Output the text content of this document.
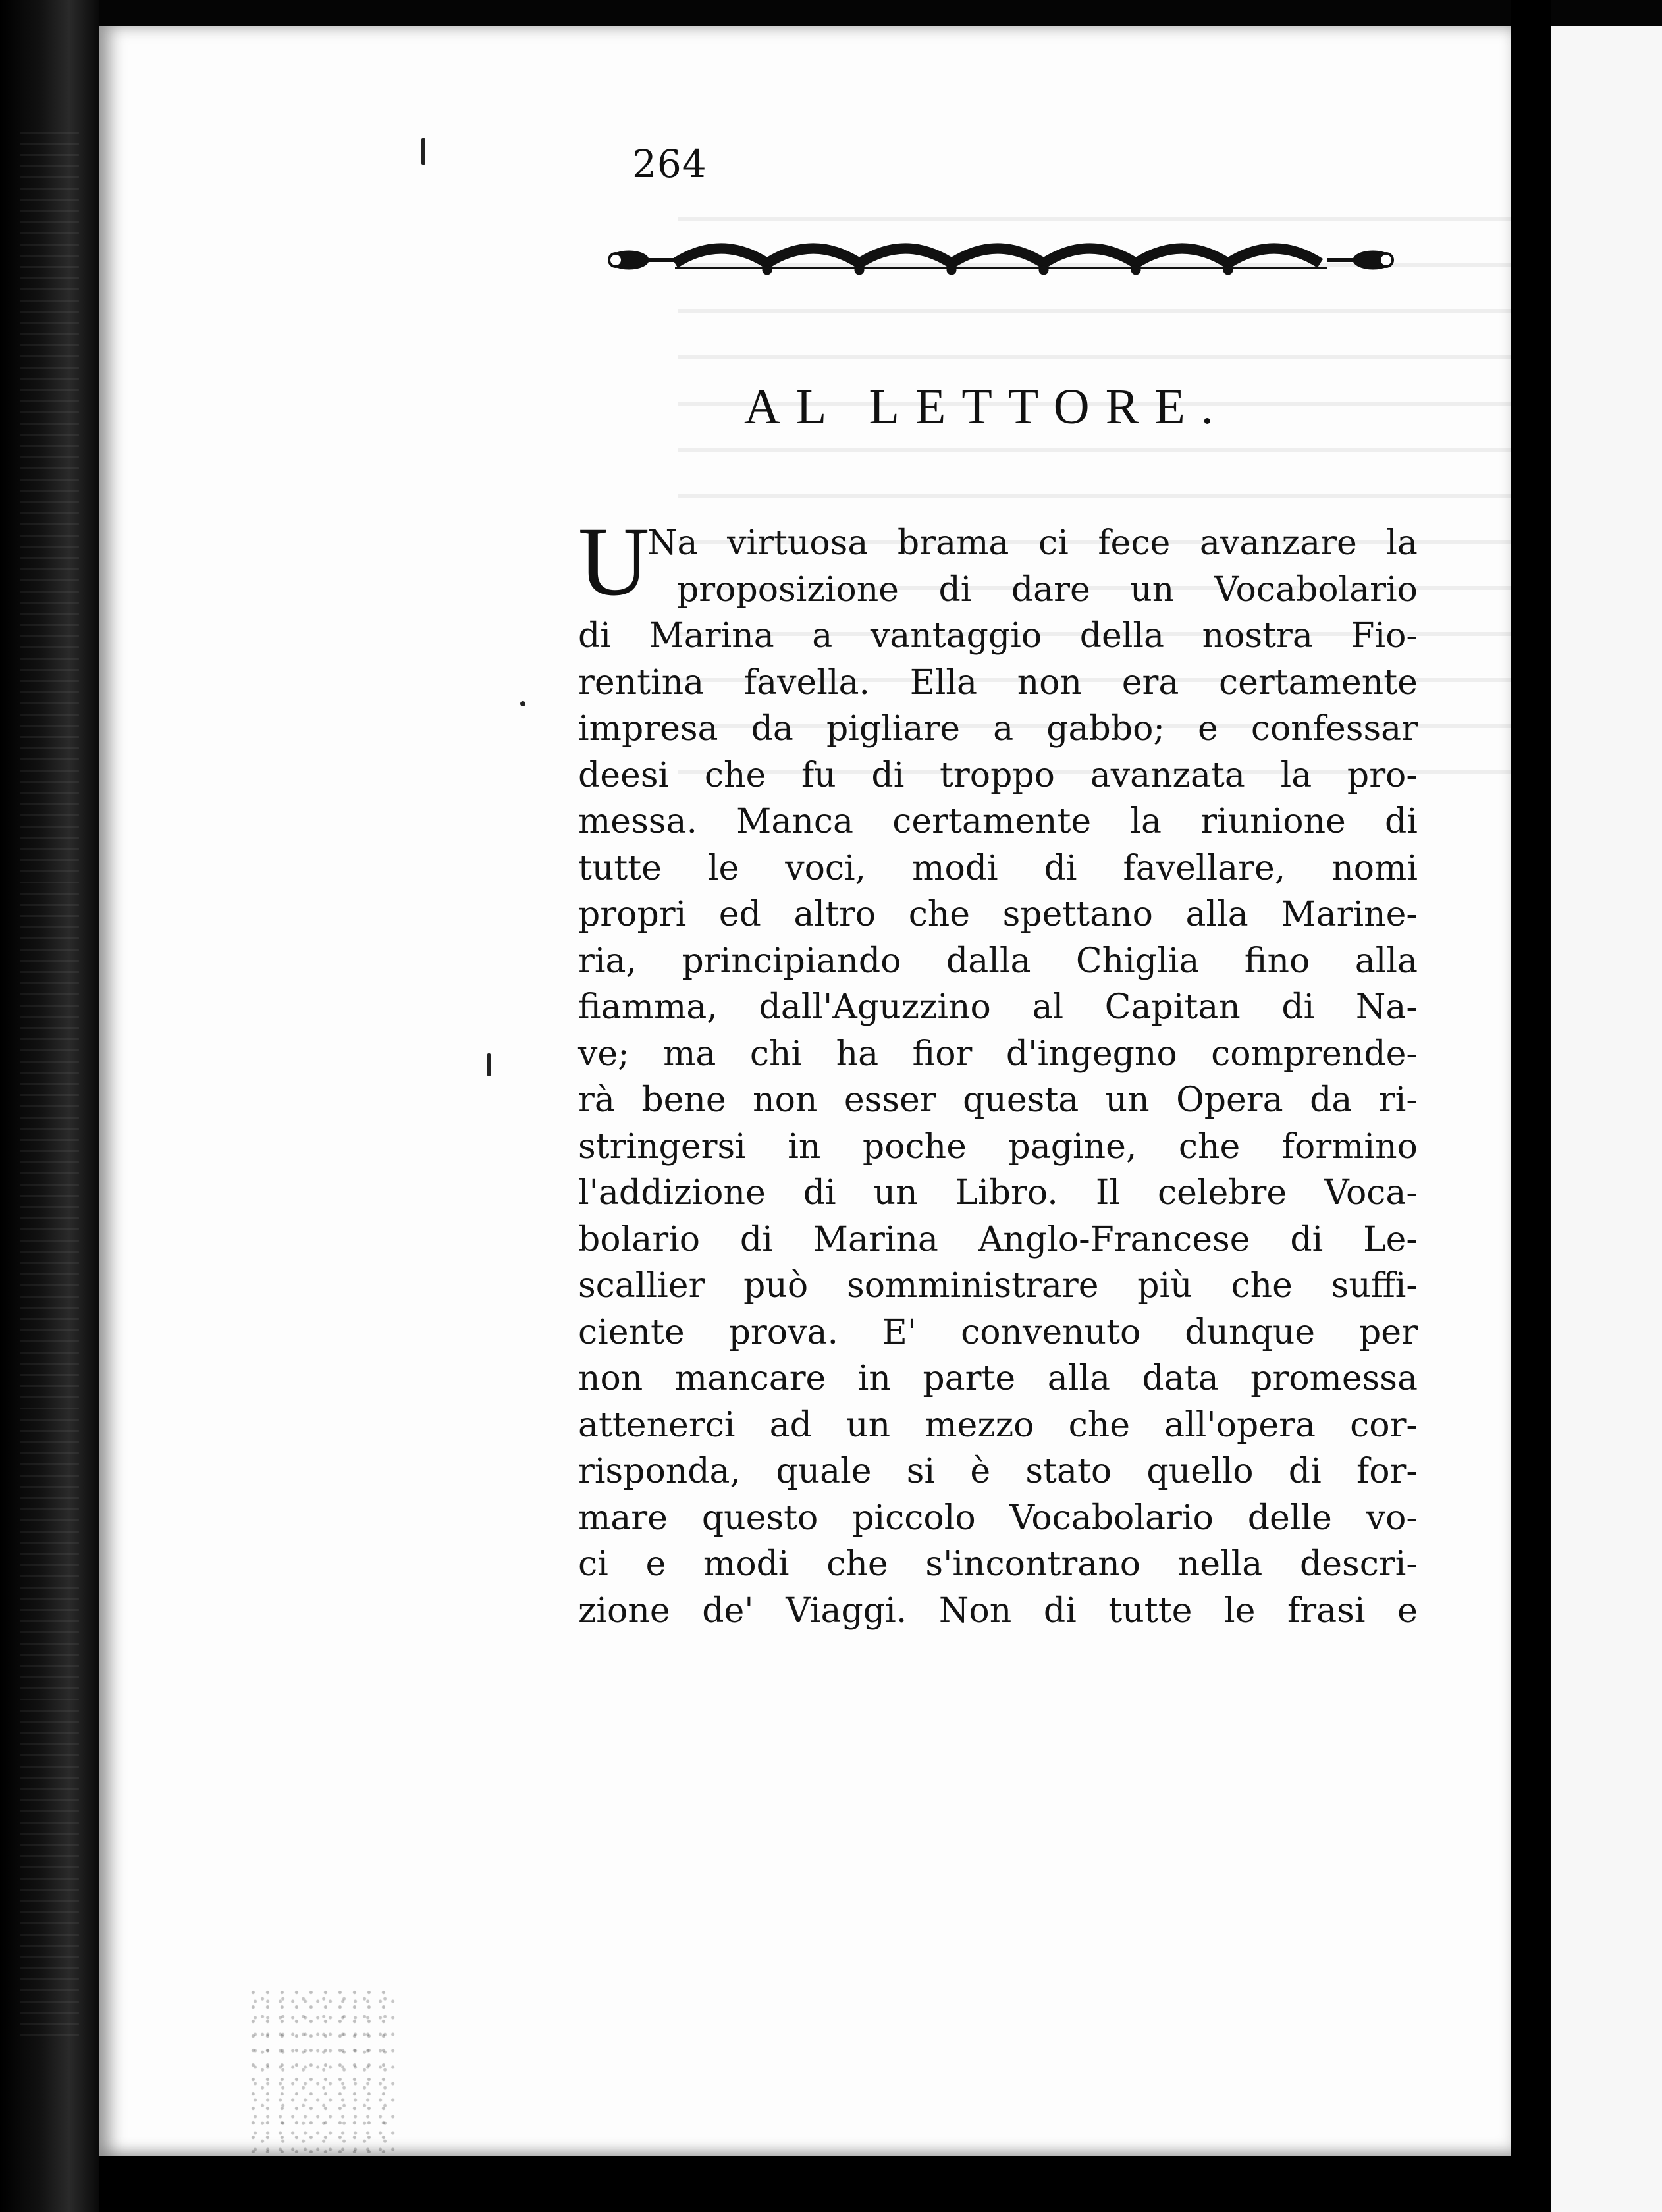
264
AL LETTORE.
U
Na virtuosa brama ci fece avanzare la
proposizione di dare un Vocabolario
di Marina a vantaggio della nostra Fio-
rentina favella. Ella non era certamente
impresa da pigliare a gabbo; e confessar
deesi che fu di troppo avanzata la pro-
messa. Manca certamente la riunione di
tutte le voci, modi di favellare, nomi
propri ed altro che spettano alla Marine-
ria, principiando dalla Chiglia fino alla
fiamma, dall'Aguzzino al Capitan di Na-
ve; ma chi ha fior d'ingegno comprende-
rà bene non esser questa un Opera da ri-
stringersi in poche pagine, che formino
l'addizione di un Libro. Il celebre Voca-
bolario di Marina Anglo-Francese di Le-
scallier può somministrare più che suffi-
ciente prova. E' convenuto dunque per
non mancare in parte alla data promessa
attenerci ad un mezzo che all'opera cor-
risponda, quale si è stato quello di for-
mare questo piccolo Vocabolario delle vo-
ci e modi che s'incontrano nella descri-
zione de' Viaggi. Non di tutte le frasi e
